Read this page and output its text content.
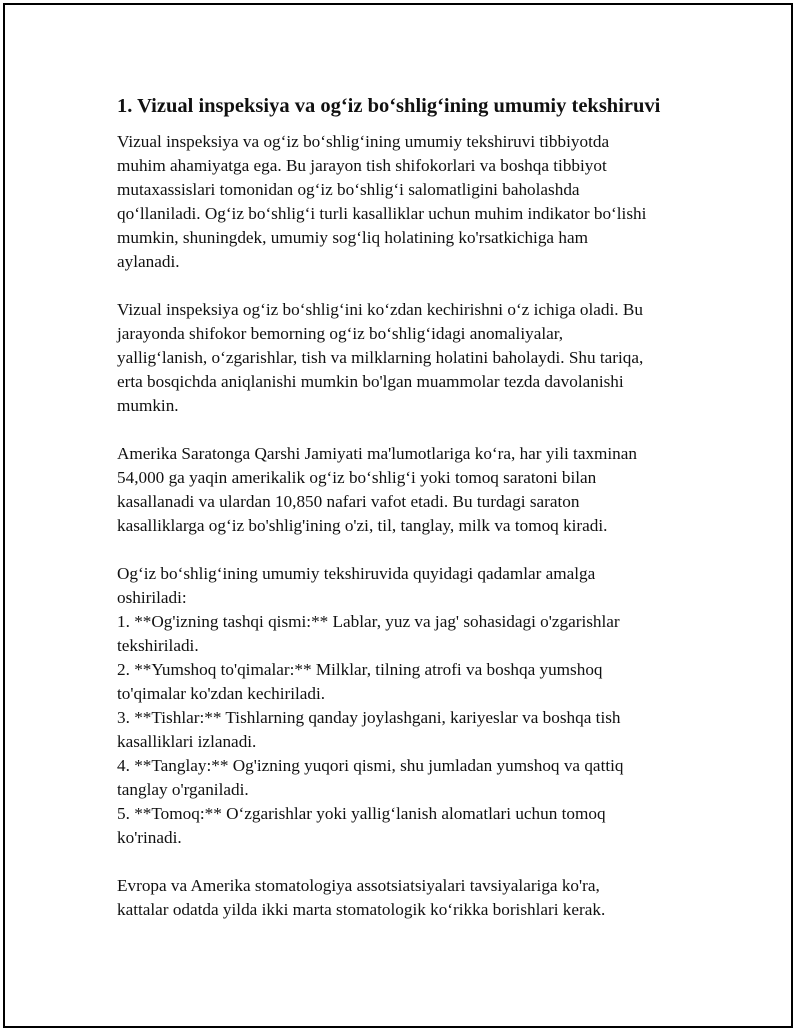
1. Vizual inspeksiya va ogʻiz boʻshligʻining umumiy tekshiruvi

Vizual inspeksiya va ogʻiz boʻshligʻining umumiy tekshiruvi tibbiyotda
muhim ahamiyatga ega. Bu jarayon tish shifokorlari va boshqa tibbiyot
mutaxassislari tomonidan ogʻiz boʻshligʻi salomatligini baholashda
qoʻllaniladi. Ogʻiz boʻshligʻi turli kasalliklar uchun muhim indikator boʻlishi
mumkin, shuningdek, umumiy sogʻliq holatining ko'rsatkichiga ham
aylanadi.

Vizual inspeksiya ogʻiz boʻshligʻini koʻzdan kechirishni oʻz ichiga oladi. Bu
jarayonda shifokor bemorning ogʻiz boʻshligʻidagi anomaliyalar,
yalligʻlanish, oʻzgarishlar, tish va milklarning holatini baholaydi. Shu tariqa,
erta bosqichda aniqlanishi mumkin bo'lgan muammolar tezda davolanishi
mumkin.

Amerika Saratonga Qarshi Jamiyati ma'lumotlariga koʻra, har yili taxminan
54,000 ga yaqin amerikalik ogʻiz boʻshligʻi yoki tomoq saratoni bilan
kasallanadi va ulardan 10,850 nafari vafot etadi. Bu turdagi saraton
kasalliklarga ogʻiz bo'shlig'ining o'zi, til, tanglay, milk va tomoq kiradi.

Ogʻiz boʻshligʻining umumiy tekshiruvida quyidagi qadamlar amalga
oshiriladi:
1. **Og'izning tashqi qismi:** Lablar, yuz va jag' sohasidagi o'zgarishlar
tekshiriladi.
2. **Yumshoq to'qimalar:** Milklar, tilning atrofi va boshqa yumshoq
to'qimalar ko'zdan kechiriladi.
3. **Tishlar:** Tishlarning qanday joylashgani, kariyeslar va boshqa tish
kasalliklari izlanadi.
4. **Tanglay:** Og'izning yuqori qismi, shu jumladan yumshoq va qattiq
tanglay o'rganiladi.
5. **Tomoq:** Oʻzgarishlar yoki yalligʻlanish alomatlari uchun tomoq
ko'rinadi.

Evropa va Amerika stomatologiya assotsiatsiyalari tavsiyalariga ko'ra,
kattalar odatda yilda ikki marta stomatologik koʻrikka borishlari kerak.
